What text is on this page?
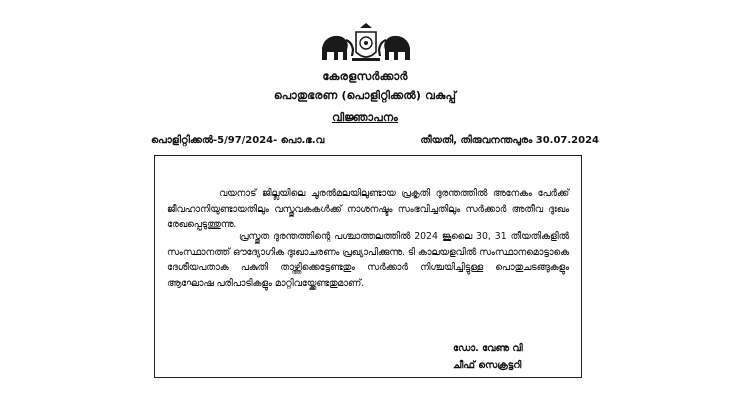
കേരളസർക്കാർ
പൊതുഭരണ (പൊളിറ്റിക്കൽ) വകുപ്പ്
വിജ്ഞാപനം
പൊളിറ്റിക്കൽ-5/97/2024- പൊ.ഭ.വ	തീയതി, തിരുവനന്തപുരം 30.07.2024
വയനാട് ജില്ലയിലെ ചൂരൽമലയിലുണ്ടായ പ്രകൃതി ദുരന്തത്തിൽ അനേകം പേർക്ക് ജീവഹാനിയുണ്ടായതിലും വസ്തുവകകൾക്ക് നാശനഷ്ടം സംഭവിച്ചതിലും സർക്കാർ അതീവ ദുഃഖം രേഖപ്പെടുത്തുന്നു.
പ്രസ്തുത ദുരന്തത്തിന്റെ പശ്ചാത്തലത്തിൽ 2024 ജൂലൈ 30, 31 തീയതികളിൽ സംസ്ഥാനത്ത് ഔദ്യോഗിക ദുഃഖാചരണം പ്രഖ്യാപിക്കുന്നു. ടി കാലയളവിൽ സംസ്ഥാനമൊട്ടാകെ ദേശീയപതാക പകുതി താഴ്ത്തിക്കെട്ടേണ്ടതും സർക്കാർ നിശ്ചയിച്ചിട്ടുള്ള പൊതുചടങ്ങുകളും ആഘോഷ പരിപാടികളും മാറ്റിവയ്ക്കേണ്ടതുമാണ്.
ഡോ. വേണു വി
ചീഫ് സെക്രട്ടറി
